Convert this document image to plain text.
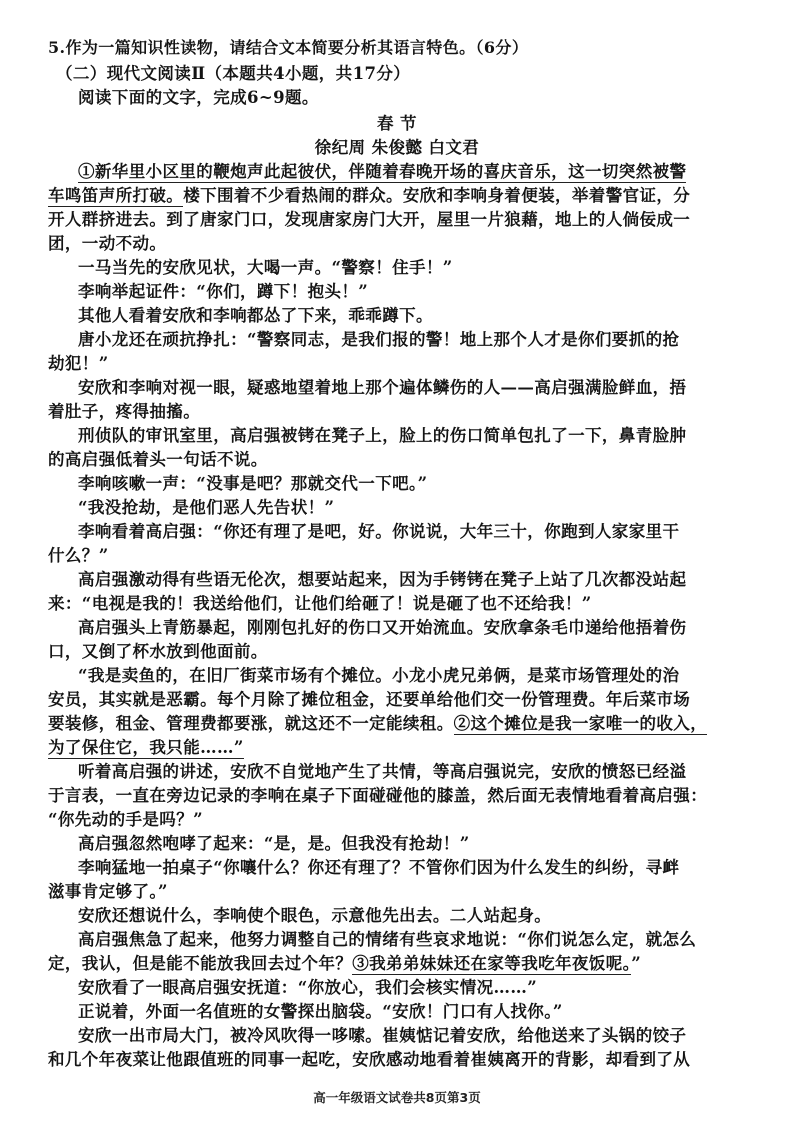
5.作为一篇知识性读物，请结合文本简要分析其语言特色。（6分）
（二）现代文阅读Ⅱ（本题共4小题，共17分）
阅读下面的文字，完成6~9题。
春 节
徐纪周 朱俊懿 白文君
①新华里小区里的鞭炮声此起彼伏，伴随着春晚开场的喜庆音乐，这一切突然被警
车鸣笛声所打破。楼下围着不少看热闹的群众。安欣和李响身着便装，举着警官证，分
开人群挤进去。到了唐家门口，发现唐家房门大开，屋里一片狼藉，地上的人倘佞成一
团，一动不动。
一马当先的安欣见状，大喝一声。“警察！住手！”
李响举起证件：“你们，蹲下！抱头！”
其他人看着安欣和李响都怂了下来，乖乖蹲下。
唐小龙还在顽抗挣扎：“警察同志，是我们报的警！地上那个人才是你们要抓的抢
劫犯！”
安欣和李响对视一眼，疑惑地望着地上那个遍体鳞伤的人——高启强满脸鲜血，捂
着肚子，疼得抽搐。
刑侦队的审讯室里，高启强被铐在凳子上，脸上的伤口简单包扎了一下，鼻青脸肿
的高启强低着头一句话不说。
李响咳嗽一声：“没事是吧？那就交代一下吧。”
“我没抢劫，是他们恶人先告状！”
李响看着高启强：“你还有理了是吧，好。你说说，大年三十，你跑到人家家里干
什么？”
高启强激动得有些语无伦次，想要站起来，因为手铐铐在凳子上站了几次都没站起
来：“电视是我的！我送给他们，让他们给砸了！说是砸了也不还给我！”
高启强头上青筋暴起，刚刚包扎好的伤口又开始流血。安欣拿条毛巾递给他捂着伤
口，又倒了杯水放到他面前。
“我是卖鱼的，在旧厂街菜市场有个摊位。小龙小虎兄弟俩，是菜市场管理处的治
安员，其实就是恶霸。每个月除了摊位租金，还要单给他们交一份管理费。年后菜市场
要装修，租金、管理费都要涨，就这还不一定能续租。②这个摊位是我一家唯一的收入，
为了保住它，我只能……”
听着高启强的讲述，安欣不自觉地产生了共情，等高启强说完，安欣的愤怒已经溢
于言表，一直在旁边记录的李响在桌子下面碰碰他的膝盖，然后面无表情地看着高启强：
“你先动的手是吗？”
高启强忽然咆哮了起来：“是，是。但我没有抢劫！”
李响猛地一拍桌子“你嚷什么？你还有理了？不管你们因为什么发生的纠纷，寻衅
滋事肯定够了。”
安欣还想说什么，李响使个眼色，示意他先出去。二人站起身。
高启强焦急了起来，他努力调整自己的情绪有些哀求地说：“你们说怎么定，就怎么
定，我认，但是能不能放我回去过个年？③我弟弟妹妹还在家等我吃年夜饭呢。”
安欣看了一眼高启强安抚道：“你放心，我们会核实情况……”
正说着，外面一名值班的女警探出脑袋。“安欣！门口有人找你。”
安欣一出市局大门，被冷风吹得一哆嗦。崔姨惦记着安欣，给他送来了头锅的饺子
和几个年夜菜让他跟值班的同事一起吃，安欣感动地看着崔姨离开的背影，却看到了从
高一年级语文试卷共8页第3页
